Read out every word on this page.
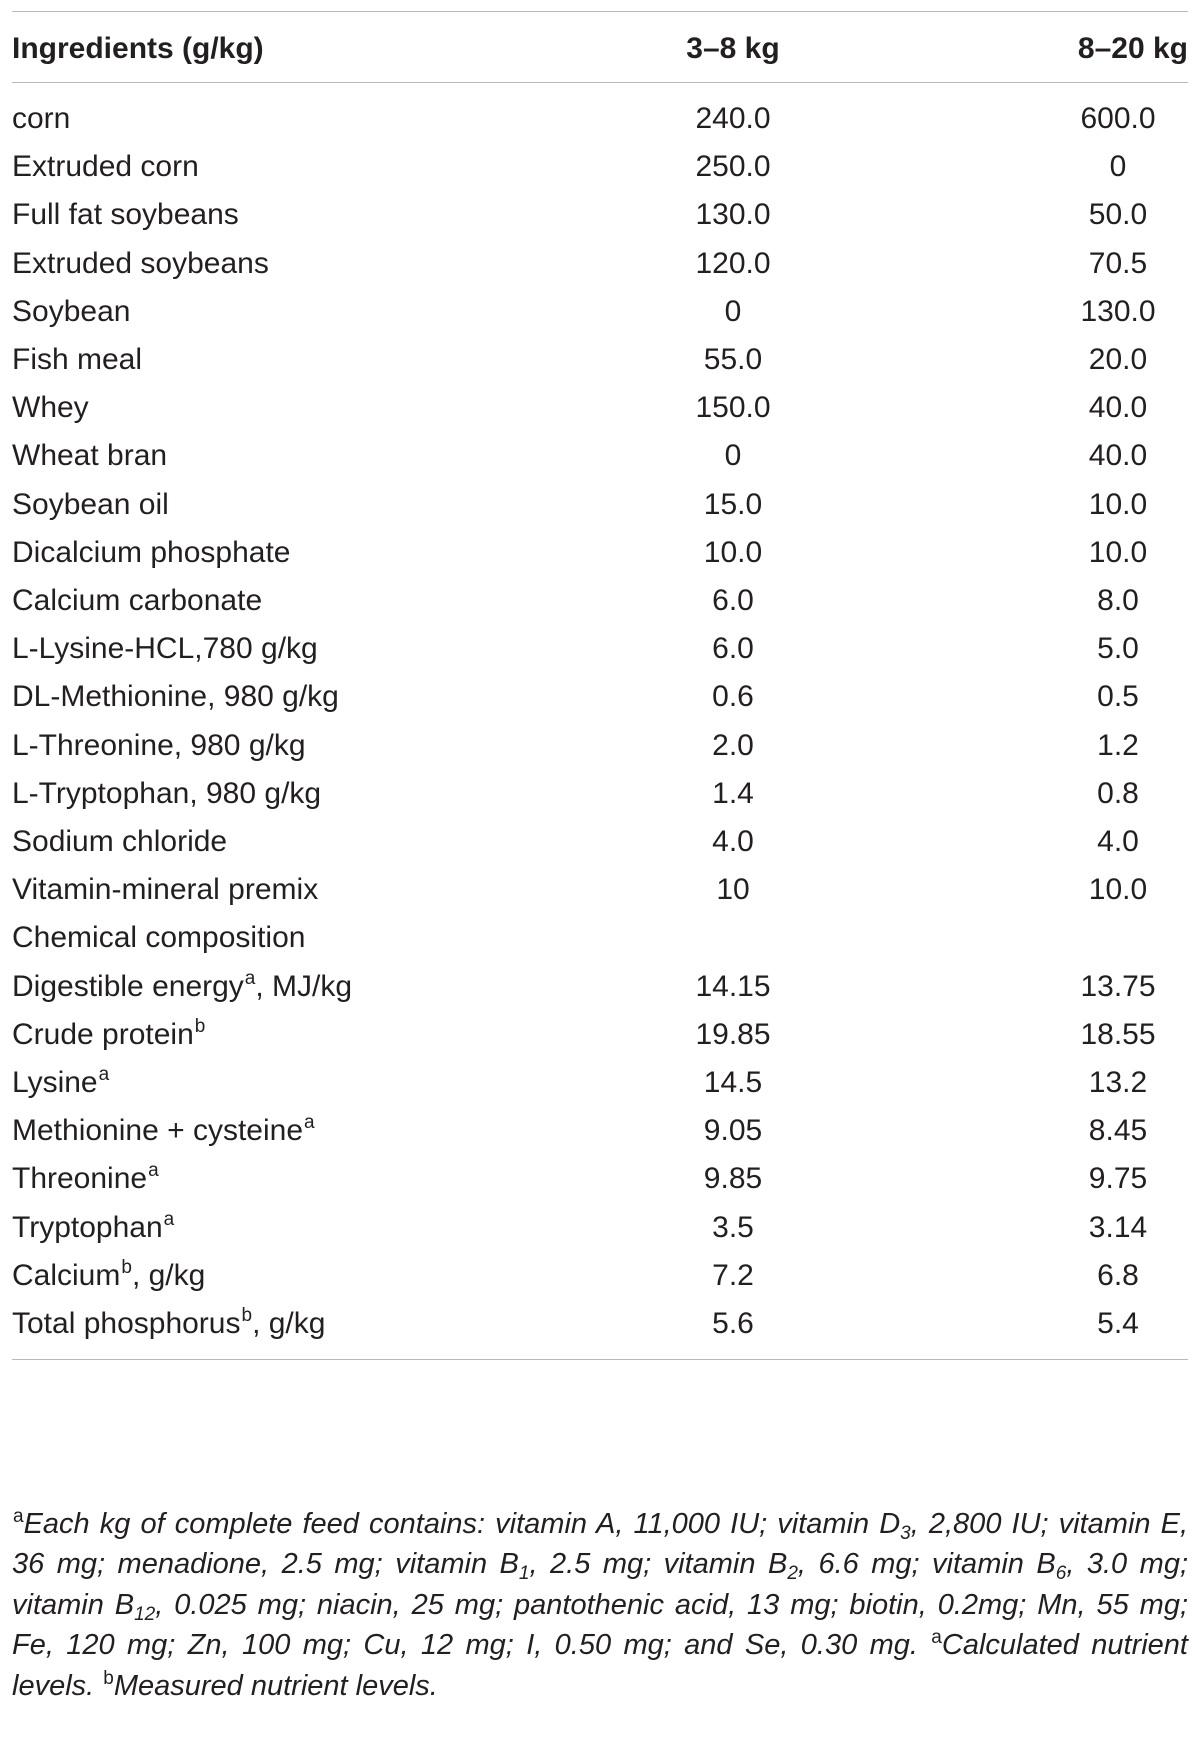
Ingredients (g/kg)	3–8 kg	8–20 kg
corn	240.0	600.0
Extruded corn	250.0	0
Full fat soybeans	130.0	50.0
Extruded soybeans	120.0	70.5
Soybean	0	130.0
Fish meal	55.0	20.0
Whey	150.0	40.0
Wheat bran	0	40.0
Soybean oil	15.0	10.0
Dicalcium phosphate	10.0	10.0
Calcium carbonate	6.0	8.0
L-Lysine-HCL,780 g/kg	6.0	5.0
DL-Methionine, 980 g/kg	0.6	0.5
L-Threonine, 980 g/kg	2.0	1.2
L-Tryptophan, 980 g/kg	1.4	0.8
Sodium chloride	4.0	4.0
Vitamin-mineral premix	10	10.0
Chemical composition
Digestible energy$^a$, MJ/kg	14.15	13.75
Crude protein$^b$	19.85	18.55
Lysine$^a$	14.5	13.2
Methionine + cysteine$^a$	9.05	8.45
Threonine$^a$	9.85	9.75
Tryptophan$^a$	3.5	3.14
Calcium$^b$, g/kg	7.2	6.8
Total phosphorus$^b$, g/kg	5.6	5.4
$^a$Each kg of complete feed contains: vitamin A, 11,000 IU; vitamin $D_3$, 2,800 IU; vitamin E, 36 mg; menadione, 2.5 mg; vitamin $B_1$, 2.5 mg; vitamin $B_2$, 6.6 mg; vitamin $B_6$, 3.0 mg; vitamin $B_{12}$, 0.025 mg; niacin, 25 mg; pantothenic acid, 13 mg; biotin, 0.2mg; Mn, 55 mg; Fe, 120 mg; Zn, 100 mg; Cu, 12 mg; I, 0.50 mg; and Se, 0.30 mg. $^a$Calculated nutrient levels. $^b$Measured nutrient levels.
